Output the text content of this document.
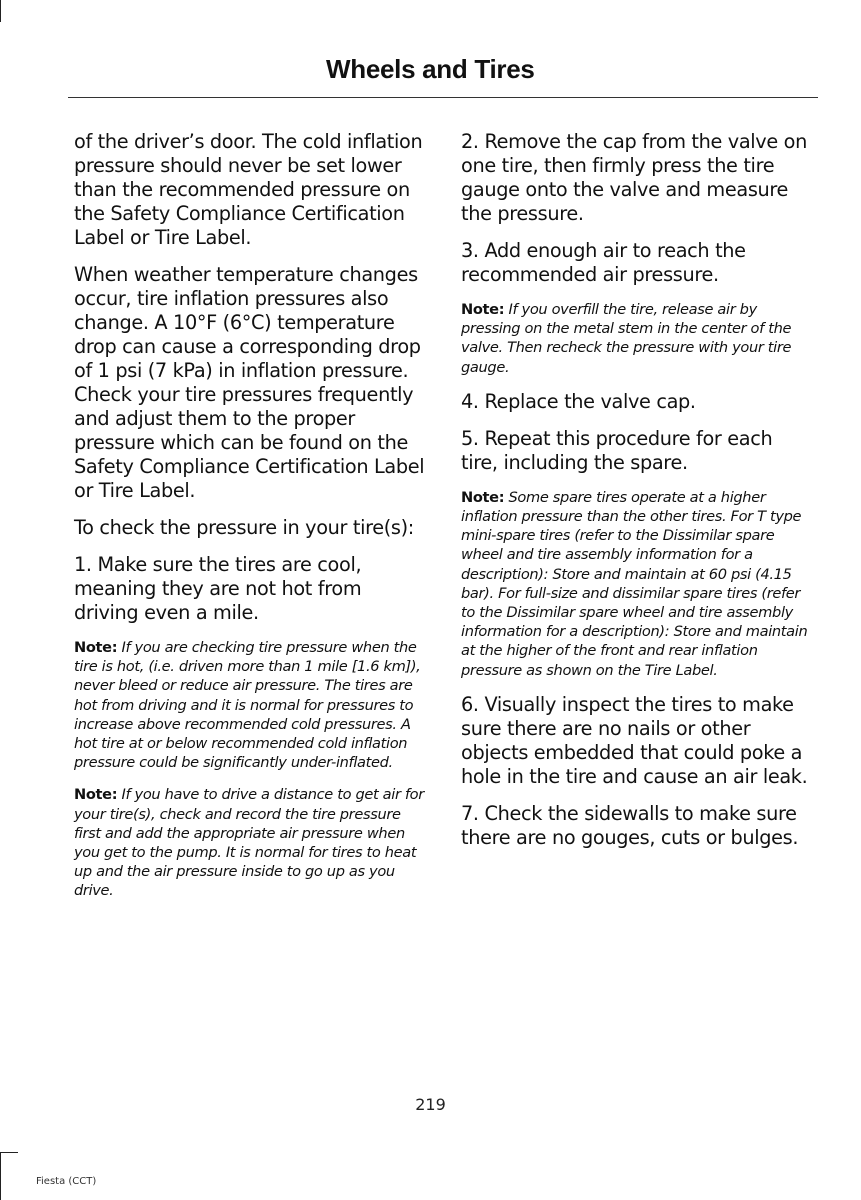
Wheels and Tires

of the driver’s door. The cold inflation pressure should never be set lower than the recommended pressure on the Safety Compliance Certification Label or Tire Label.

When weather temperature changes occur, tire inflation pressures also change. A 10°F (6°C) temperature drop can cause a corresponding drop of 1 psi (7 kPa) in inflation pressure. Check your tire pressures frequently and adjust them to the proper pressure which can be found on the Safety Compliance Certification Label or Tire Label.

To check the pressure in your tire(s):

1. Make sure the tires are cool, meaning they are not hot from driving even a mile.

Note: If you are checking tire pressure when the tire is hot, (i.e. driven more than 1 mile [1.6 km]), never bleed or reduce air pressure. The tires are hot from driving and it is normal for pressures to increase above recommended cold pressures. A hot tire at or below recommended cold inflation pressure could be significantly under-inflated.

Note: If you have to drive a distance to get air for your tire(s), check and record the tire pressure first and add the appropriate air pressure when you get to the pump. It is normal for tires to heat up and the air pressure inside to go up as you drive.

2. Remove the cap from the valve on one tire, then firmly press the tire gauge onto the valve and measure the pressure.

3. Add enough air to reach the recommended air pressure.

Note: If you overfill the tire, release air by pressing on the metal stem in the center of the valve. Then recheck the pressure with your tire gauge.

4. Replace the valve cap.

5. Repeat this procedure for each tire, including the spare.

Note: Some spare tires operate at a higher inflation pressure than the other tires. For T type mini-spare tires (refer to the Dissimilar spare wheel and tire assembly information for a description): Store and maintain at 60 psi (4.15 bar). For full-size and dissimilar spare tires (refer to the Dissimilar spare wheel and tire assembly information for a description): Store and maintain at the higher of the front and rear inflation pressure as shown on the Tire Label.

6. Visually inspect the tires to make sure there are no nails or other objects embedded that could poke a hole in the tire and cause an air leak.

7. Check the sidewalls to make sure there are no gouges, cuts or bulges.

219
Fiesta (CCT)
